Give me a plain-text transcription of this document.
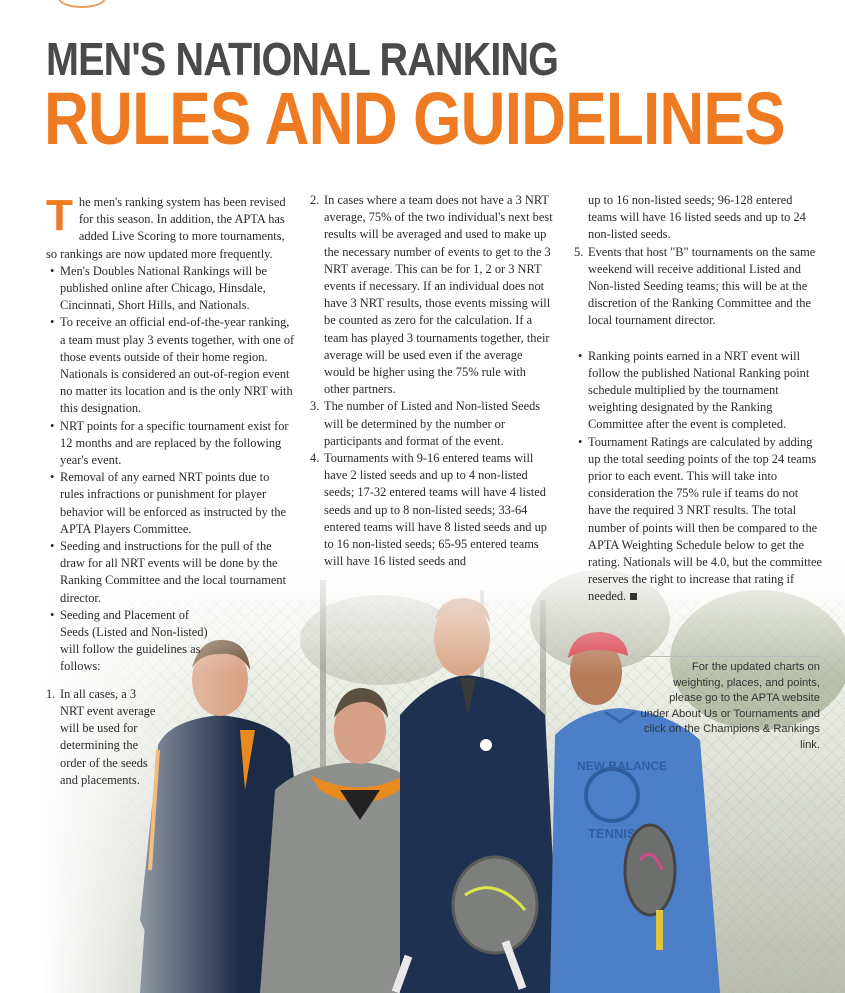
MEN'S NATIONAL RANKING
RULES AND GUIDELINES

The men's ranking system has been revised for this season. In addition, the APTA has added Live Scoring to more tournaments, so rankings are now updated more frequently.

• Men's Doubles National Rankings will be published online after Chicago, Hinsdale, Cincinnati, Short Hills, and Nationals.
• To receive an official end-of-the-year ranking, a team must play 3 events together, with one of those events outside of their home region. Nationals is considered an out-of-region event no matter its location and is the only NRT with this designation.
• NRT points for a specific tournament exist for 12 months and are replaced by the following year's event.
• Removal of any earned NRT points due to rules infractions or punishment for player behavior will be enforced as instructed by the APTA Players Committee.
• Seeding and instructions for the pull of the draw for all NRT events will be done by the Ranking Committee and the local tournament director.
• Seeding and Placement of Seeds (Listed and Non-listed) will follow the guidelines as follows:
1. In all cases, a 3 NRT event average will be used for determining the order of the seeds and placements.
2. In cases where a team does not have a 3 NRT average, 75% of the two individual's next best results will be averaged and used to make up the necessary number of events to get to the 3 NRT average. This can be for 1, 2 or 3 NRT events if necessary. If an individual does not have 3 NRT results, those events missing will be counted as zero for the calculation. If a team has played 3 tournaments together, their average will be used even if the average would be higher using the 75% rule with other partners.
3. The number of Listed and Non-listed Seeds will be determined by the number or participants and format of the event.
4. Tournaments with 9-16 entered teams will have 2 listed seeds and up to 4 non-listed seeds; 17-32 entered teams will have 4 listed seeds and up to 8 non-listed seeds; 33-64 entered teams will have 8 listed seeds and up to 16 non-listed seeds; 65-95 entered teams will have 16 listed seeds and
up to 16 non-listed seeds; 96-128 entered teams will have 16 listed seeds and up to 24 non-listed seeds.
5. Events that host "B" tournaments on the same weekend will receive additional Listed and Non-listed Seeding teams; this will be at the discretion of the Ranking Committee and the local tournament director.
• Ranking points earned in a NRT event will follow the published National Ranking point schedule multiplied by the tournament weighting designated by the Ranking Committee after the event is completed.
• Tournament Ratings are calculated by adding up the total seeding points of the top 24 teams prior to each event. This will take into consideration the 75% rule if teams do not have the required 3 NRT results. The total number of points will then be compared to the APTA Weighting Schedule below to get the rating. Nationals will be 4.0, but the committee reserves the right to increase that rating if needed.
For the updated charts on weighting, places, and points, please go to the APTA website under About Us or Tournaments and click on the Champions & Rankings link.
